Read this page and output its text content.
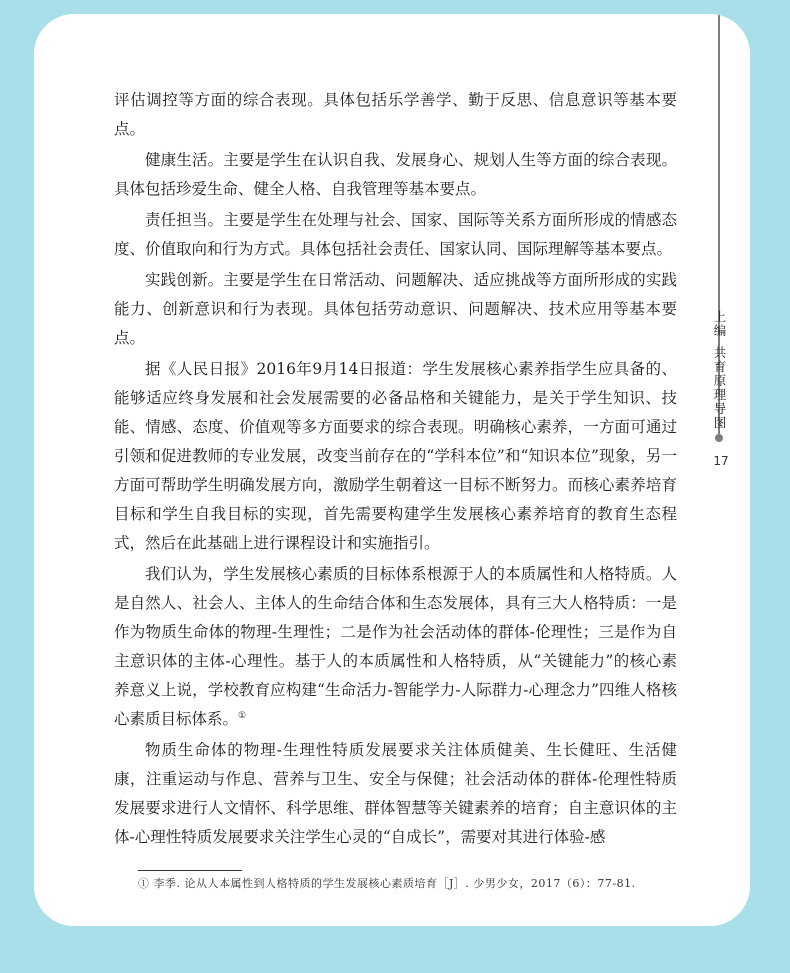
上
编
共
育
原
理
导
图
17

评估调控等方面的综合表现。具体包括乐学善学、勤于反思、信息意识等基本要点。

健康生活。主要是学生在认识自我、发展身心、规划人生等方面的综合表现。具体包括珍爱生命、健全人格、自我管理等基本要点。

责任担当。主要是学生在处理与社会、国家、国际等关系方面所形成的情感态度、价值取向和行为方式。具体包括社会责任、国家认同、国际理解等基本要点。

实践创新。主要是学生在日常活动、问题解决、适应挑战等方面所形成的实践能力、创新意识和行为表现。具体包括劳动意识、问题解决、技术应用等基本要点。

据《人民日报》2016年9月14日报道：学生发展核心素养指学生应具备的、能够适应终身发展和社会发展需要的必备品格和关键能力，是关于学生知识、技能、情感、态度、价值观等多方面要求的综合表现。明确核心素养，一方面可通过引领和促进教师的专业发展，改变当前存在的“学科本位”和“知识本位”现象，另一方面可帮助学生明确发展方向，激励学生朝着这一目标不断努力。而核心素养培育目标和学生自我目标的实现，首先需要构建学生发展核心素养培育的教育生态程式，然后在此基础上进行课程设计和实施指引。

我们认为，学生发展核心素质的目标体系根源于人的本质属性和人格特质。人是自然人、社会人、主体人的生命结合体和生态发展体，具有三大人格特质：一是作为物质生命体的物理-生理性；二是作为社会活动体的群体-伦理性；三是作为自主意识体的主体-心理性。基于人的本质属性和人格特质，从“关键能力”的核心素养意义上说，学校教育应构建“生命活力-智能学力-人际群力-心理念力”四维人格核心素质目标体系。①

物质生命体的物理-生理性特质发展要求关注体质健美、生长健旺、生活健康，注重运动与作息、营养与卫生、安全与保健；社会活动体的群体-伦理性特质发展要求进行人文情怀、科学思维、群体智慧等关键素养的培育；自主意识体的主体-心理性特质发展要求关注学生心灵的“自成长”，需要对其进行体验-感

① 李季. 论从人本属性到人格特质的学生发展核心素质培育［J］. 少男少女，2017（6）：77-81.
